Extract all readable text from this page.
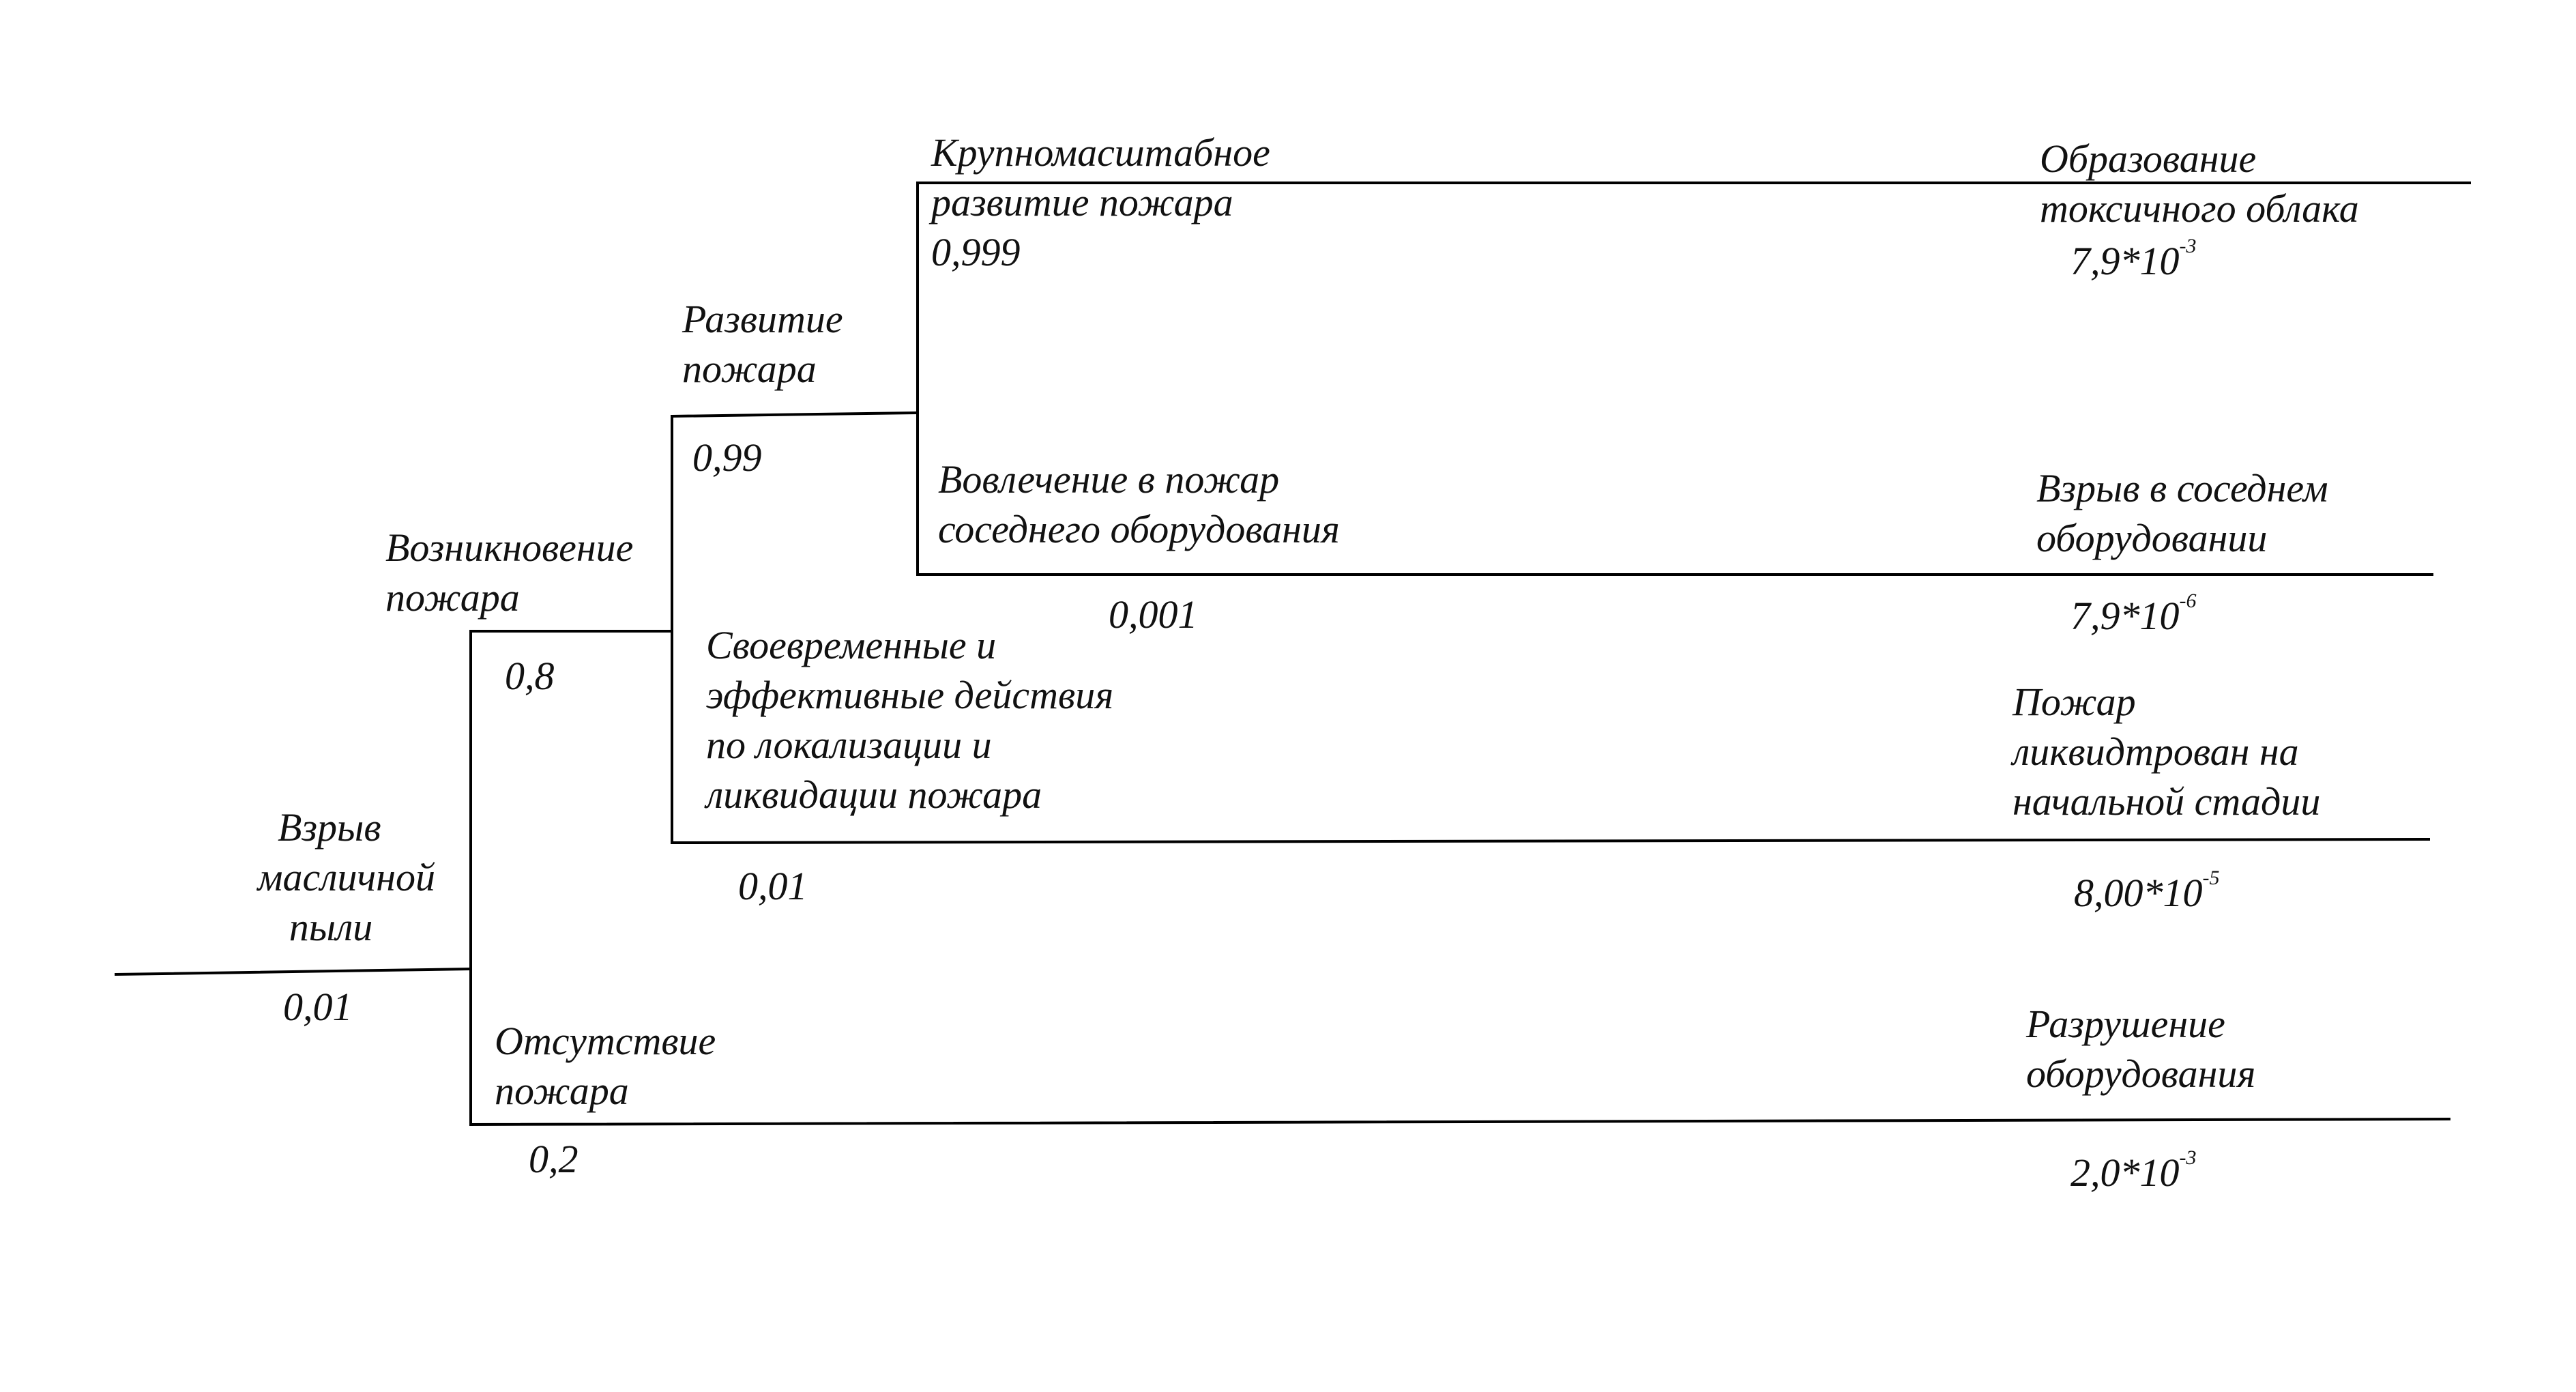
Взрыв масличной пыли
0,01
Возникновение пожара
0,8
Отсутствие пожара
0,2
Развитие пожара
0,99
Своевременные и эффективные действия по локализации и ликвидации пожара
0,01
Крупномасштабное развитие пожара
0,999
Вовлечение в пожар соседнего оборудования
0,001
Образование токсичного облака
$7,9*10^{-3}$
Взрыв в соседнем оборудовании
$7,9*10^{-6}$
Пожар ликвидтрован на начальной стадии
$8,00*10^{-5}$
Разрушение оборудования
$2,0*10^{-3}$
